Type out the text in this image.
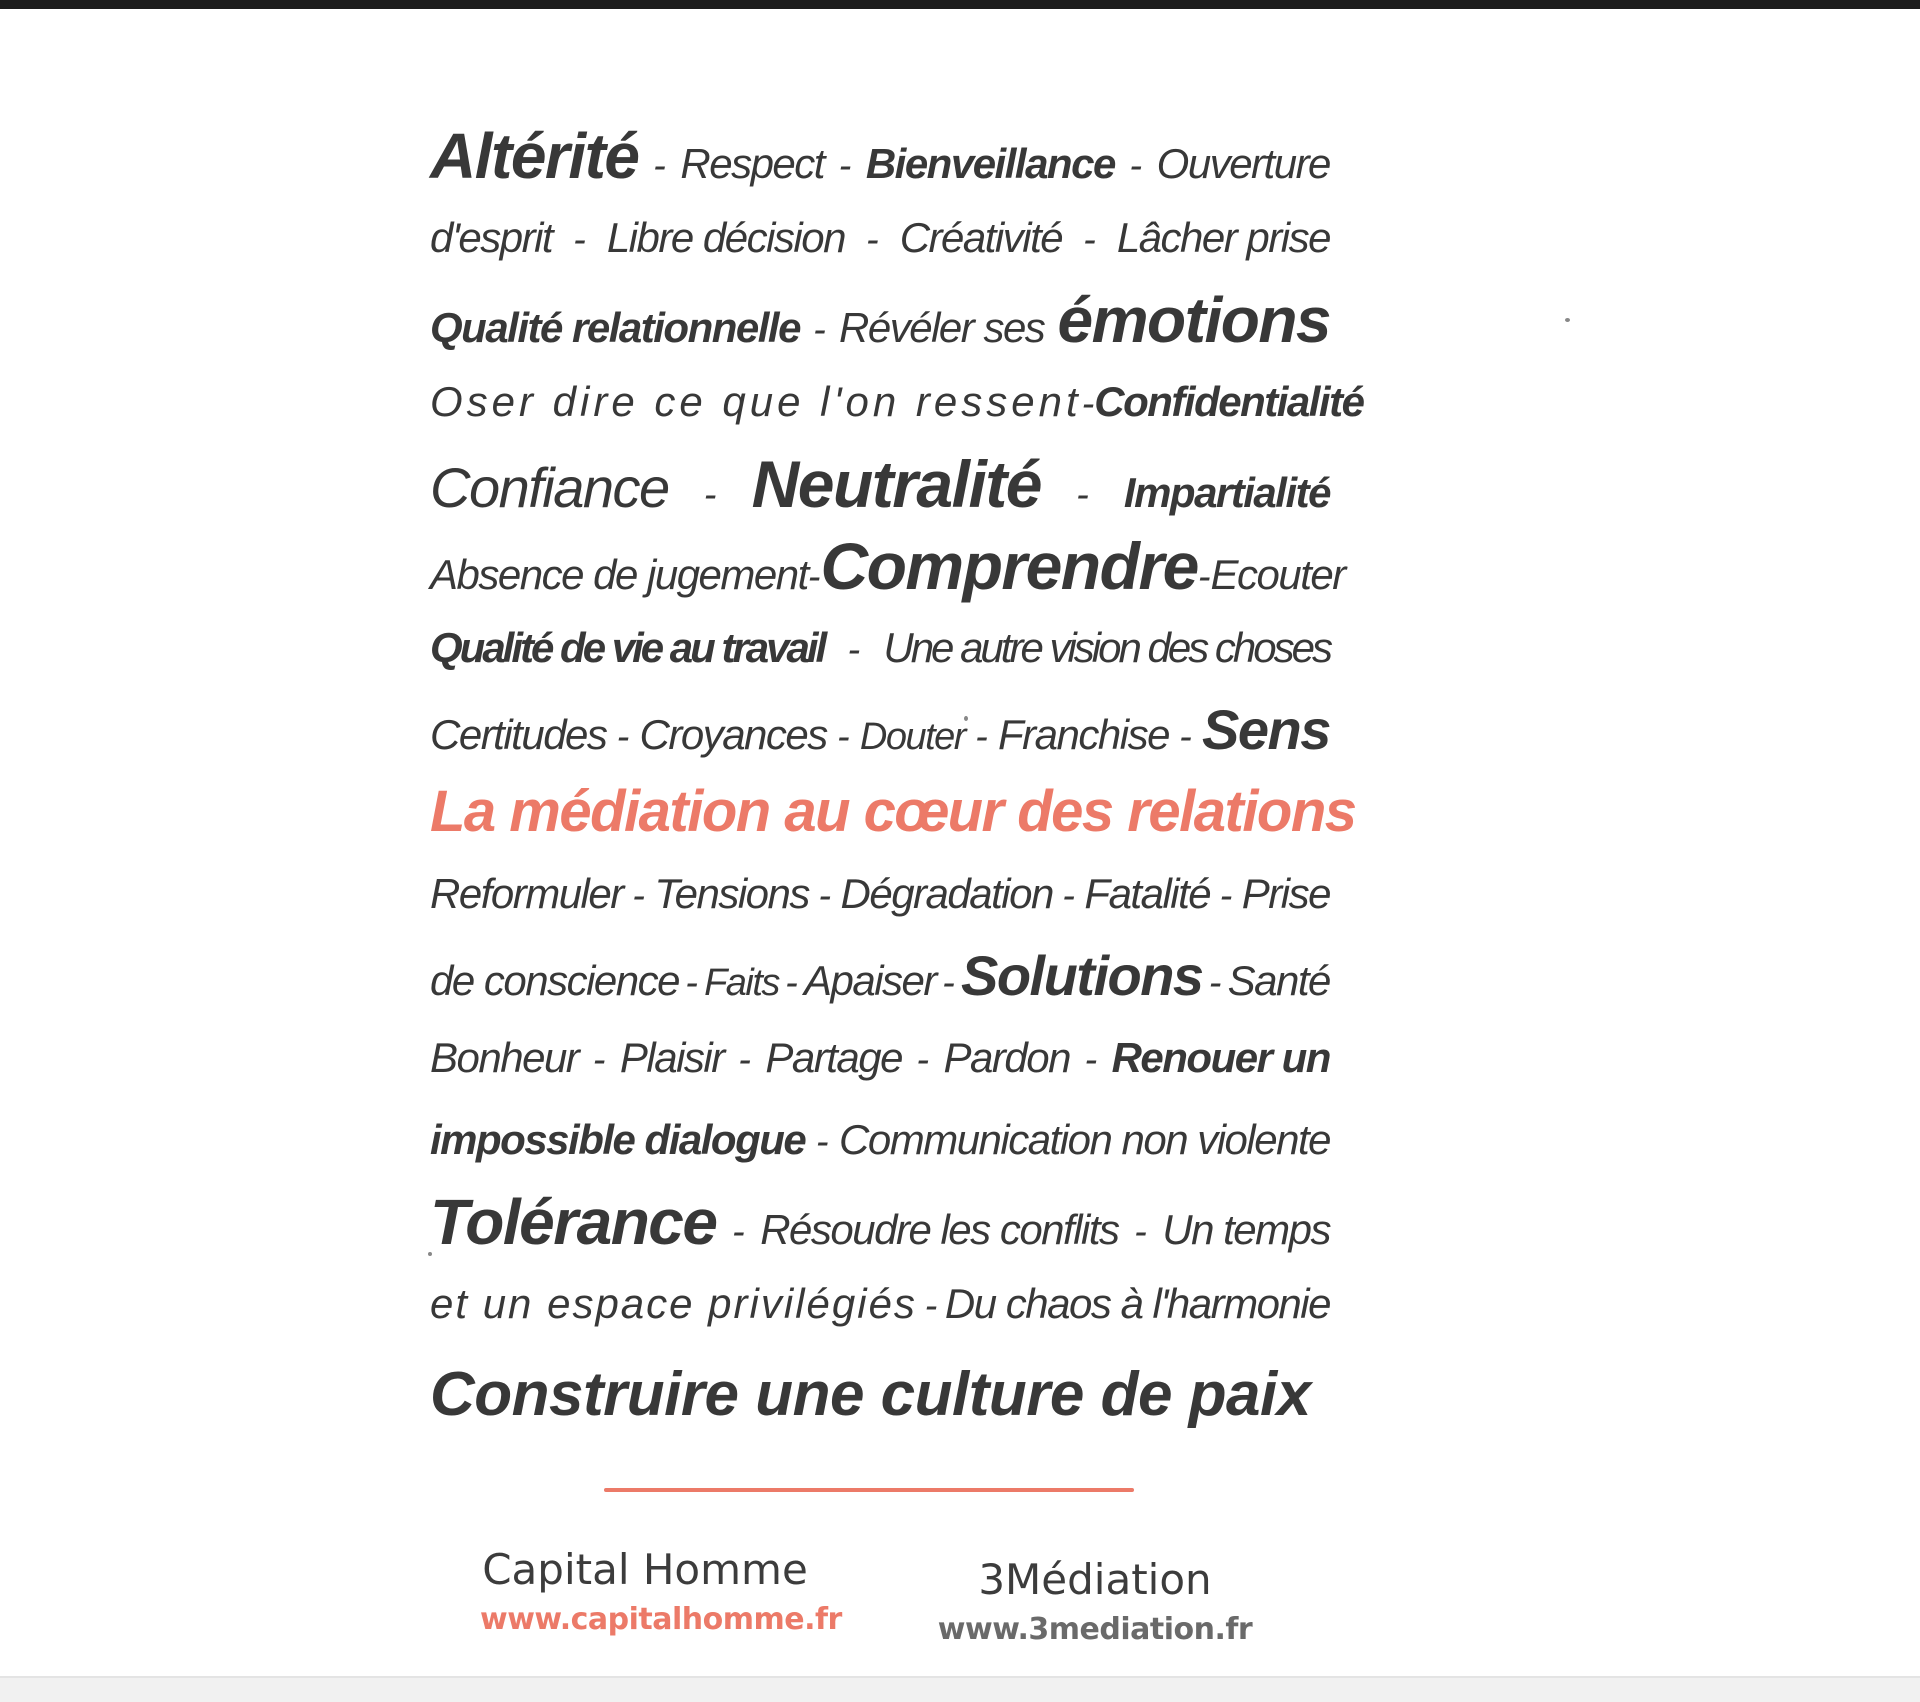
Altérité - Respect - Bienveillance - Ouverture
d'esprit - Libre décision - Créativité - Lâcher prise
Qualité relationnelle - Révéler ses émotions
Oser dire ce que l'on ressent - Confidentialité
Confiance - Neutralité - Impartialité
Absence de jugement - Comprendre - Ecouter
Qualité de vie au travail - Une autre vision des choses
Certitudes - Croyances - Douter - Franchise - Sens
La médiation au cœur des relations
Reformuler - Tensions - Dégradation - Fatalité - Prise
de conscience - Faits - Apaiser - Solutions - Santé
Bonheur - Plaisir - Partage - Pardon - Renouer un
impossible dialogue - Communication non violente
Tolérance - Résoudre les conflits - Un temps
et un espace privilégiés - Du chaos à l'harmonie
Construire une culture de paix
Capital Homme
www.capitalhomme.fr
3Médiation
www.3mediation.fr
